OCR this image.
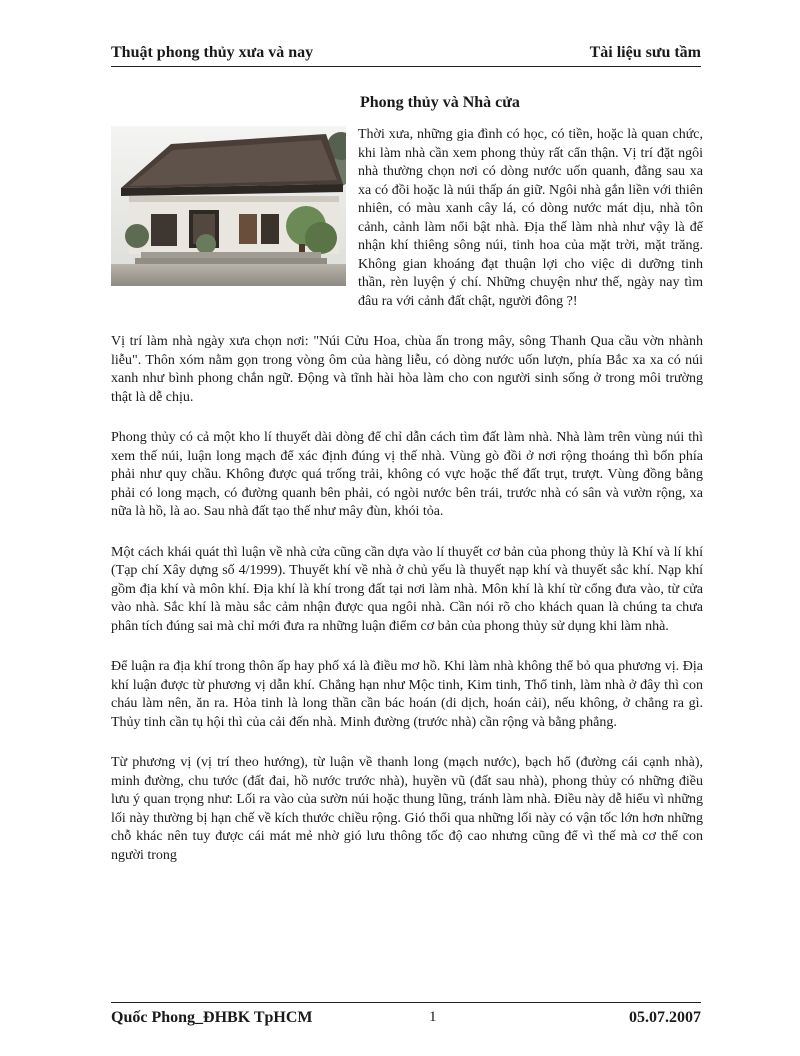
Thuật phong thủy xưa và nay	Tài liệu sưu tầm
Phong thủy và Nhà cửa

Thời xưa, những gia đình có học, có tiền, hoặc là quan chức, khi làm nhà cần xem phong thủy rất cẩn thận. Vị trí đặt ngôi nhà thường chọn nơi có dòng nước uốn quanh, đằng sau xa xa có đồi hoặc là núi thấp án giữ. Ngôi nhà gắn liền với thiên nhiên, có màu xanh cây lá, có dòng nước mát dịu, nhà tôn cảnh, cảnh làm nổi bật nhà. Địa thế làm nhà như vậy là để nhận khí thiêng sông núi, tinh hoa của mặt trời, mặt trăng. Không gian khoáng đạt thuận lợi cho việc di dưỡng tinh thần, rèn luyện ý chí. Những chuyện như thế, ngày nay tìm đâu ra với cảnh đất chật, người đông ?!

Vị trí làm nhà ngày xưa chọn nơi: "Núi Cửu Hoa, chùa ẩn trong mây, sông Thanh Qua cầu vờn nhành liễu". Thôn xóm nằm gọn trong vòng ôm của hàng liễu, có dòng nước uốn lượn, phía Bắc xa xa có núi xanh như bình phong chắn ngữ. Động và tĩnh hài hòa làm cho con người sinh sống ở trong môi trường thật là dễ chịu.

Phong thủy có cả một kho lí thuyết dài dòng để chỉ dẫn cách tìm đất làm nhà. Nhà làm trên vùng núi thì xem thế núi, luận long mạch để xác định đúng vị thế nhà. Vùng gò đồi ở nơi rộng thoáng thì bốn phía phải như quy chầu. Không được quá trống trải, không có vực hoặc thế đất trụt, trượt. Vùng đồng bằng phải có long mạch, có đường quanh bên phải, có ngòi nước bên trái, trước nhà có sân và vườn rộng, xa nữa là hồ, là ao. Sau nhà đất tạo thế như mây đùn, khói tỏa.

Một cách khái quát thì luận về nhà cửa cũng cần dựa vào lí thuyết cơ bản của phong thủy là Khí và lí khí (Tạp chí Xây dựng số 4/1999). Thuyết khí về nhà ở chủ yếu là thuyết nạp khí và thuyết sắc khí. Nạp khí gồm địa khí và môn khí. Địa khí là khí trong đất tại nơi làm nhà. Môn khí là khí từ cổng đưa vào, từ cửa vào nhà. Sắc khí là màu sắc cảm nhận được qua ngôi nhà. Cần nói rõ cho khách quan là chúng ta chưa phân tích đúng sai mà chỉ mới đưa ra những luận điểm cơ bản của phong thủy sử dụng khi làm nhà.

Để luận ra địa khí trong thôn ấp hay phố xá là điều mơ hồ. Khi làm nhà không thể bỏ qua phương vị. Địa khí luận được từ phương vị dẫn khí. Chẳng hạn như Mộc tinh, Kim tinh, Thổ tinh, làm nhà ở đây thì con cháu làm nên, ăn ra. Hỏa tinh là long thần cần bác hoán (di dịch, hoán cải), nếu không, ở chẳng ra gì. Thủy tinh cần tụ hội thì của cải đến nhà. Minh đường (trước nhà) cần rộng và bằng phẳng.

Từ phương vị (vị trí theo hướng), từ luận về thanh long (mạch nước), bạch hổ (đường cái cạnh nhà), minh đường, chu tước (đất đai, hồ nước trước nhà), huyền vũ (đất sau nhà), phong thủy có những điều lưu ý quan trọng như: Lối ra vào của sườn núi hoặc thung lũng, tránh làm nhà. Điều này dễ hiểu vì những lối này thường bị hạn chế về kích thước chiều rộng. Gió thổi qua những lối này có vận tốc lớn hơn những chỗ khác nên tuy được cái mát mẻ nhờ gió lưu thông tốc độ cao nhưng cũng để vì thế mà cơ thể con người trong

Quốc Phong_ĐHBK TpHCM	1	05.07.2007
